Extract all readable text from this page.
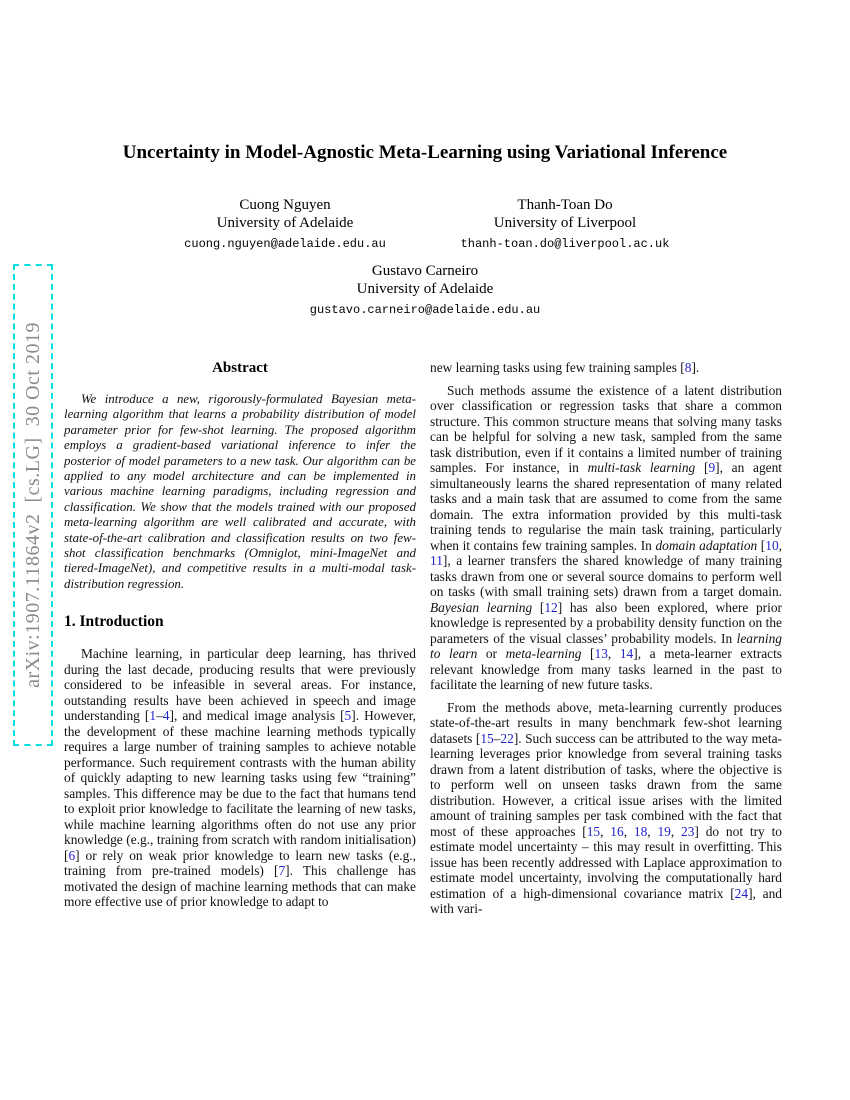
arXiv:1907.11864v2  [cs.LG]  30 Oct 2019
Uncertainty in Model-Agnostic Meta-Learning using Variational Inference
Cuong Nguyen
University of Adelaide
cuong.nguyen@adelaide.edu.au
Thanh-Toan Do
University of Liverpool
thanh-toan.do@liverpool.ac.uk
Gustavo Carneiro
University of Adelaide
gustavo.carneiro@adelaide.edu.au
Abstract

We introduce a new, rigorously-formulated Bayesian meta-learning algorithm that learns a probability distribution of model parameter prior for few-shot learning. The proposed algorithm employs a gradient-based variational inference to infer the posterior of model parameters to a new task. Our algorithm can be applied to any model architecture and can be implemented in various machine learning paradigms, including regression and classification. We show that the models trained with our proposed meta-learning algorithm are well calibrated and accurate, with state-of-the-art calibration and classification results on two few-shot classification benchmarks (Omniglot, mini-ImageNet and tiered-ImageNet), and competitive results in a multi-modal task-distribution regression.

1. Introduction

Machine learning, in particular deep learning, has thrived during the last decade, producing results that were previously considered to be infeasible in several areas. For instance, outstanding results have been achieved in speech and image understanding [1–4], and medical image analysis [5]. However, the development of these machine learning methods typically requires a large number of training samples to achieve notable performance. Such requirement contrasts with the human ability of quickly adapting to new learning tasks using few “training” samples. This difference may be due to the fact that humans tend to exploit prior knowledge to facilitate the learning of new tasks, while machine learning algorithms often do not use any prior knowledge (e.g., training from scratch with random initialisation) [6] or rely on weak prior knowledge to learn new tasks (e.g., training from pre-trained models) [7]. This challenge has motivated the design of machine learning methods that can make more effective use of prior knowledge to adapt to

new learning tasks using few training samples [8].

Such methods assume the existence of a latent distribution over classification or regression tasks that share a common structure. This common structure means that solving many tasks can be helpful for solving a new task, sampled from the same task distribution, even if it contains a limited number of training samples. For instance, in multi-task learning [9], an agent simultaneously learns the shared representation of many related tasks and a main task that are assumed to come from the same domain. The extra information provided by this multi-task training tends to regularise the main task training, particularly when it contains few training samples. In domain adaptation [10, 11], a learner transfers the shared knowledge of many training tasks drawn from one or several source domains to perform well on tasks (with small training sets) drawn from a target domain. Bayesian learning [12] has also been explored, where prior knowledge is represented by a probability density function on the parameters of the visual classes’ probability models. In learning to learn or meta-learning [13, 14], a meta-learner extracts relevant knowledge from many tasks learned in the past to facilitate the learning of new future tasks.

From the methods above, meta-learning currently produces state-of-the-art results in many benchmark few-shot learning datasets [15–22]. Such success can be attributed to the way meta-learning leverages prior knowledge from several training tasks drawn from a latent distribution of tasks, where the objective is to perform well on unseen tasks drawn from the same distribution. However, a critical issue arises with the limited amount of training samples per task combined with the fact that most of these approaches [15, 16, 18, 19, 23] do not try to estimate model uncertainty – this may result in overfitting. This issue has been recently addressed with Laplace approximation to estimate model uncertainty, involving the computationally hard estimation of a high-dimensional covariance matrix [24], and with vari-
